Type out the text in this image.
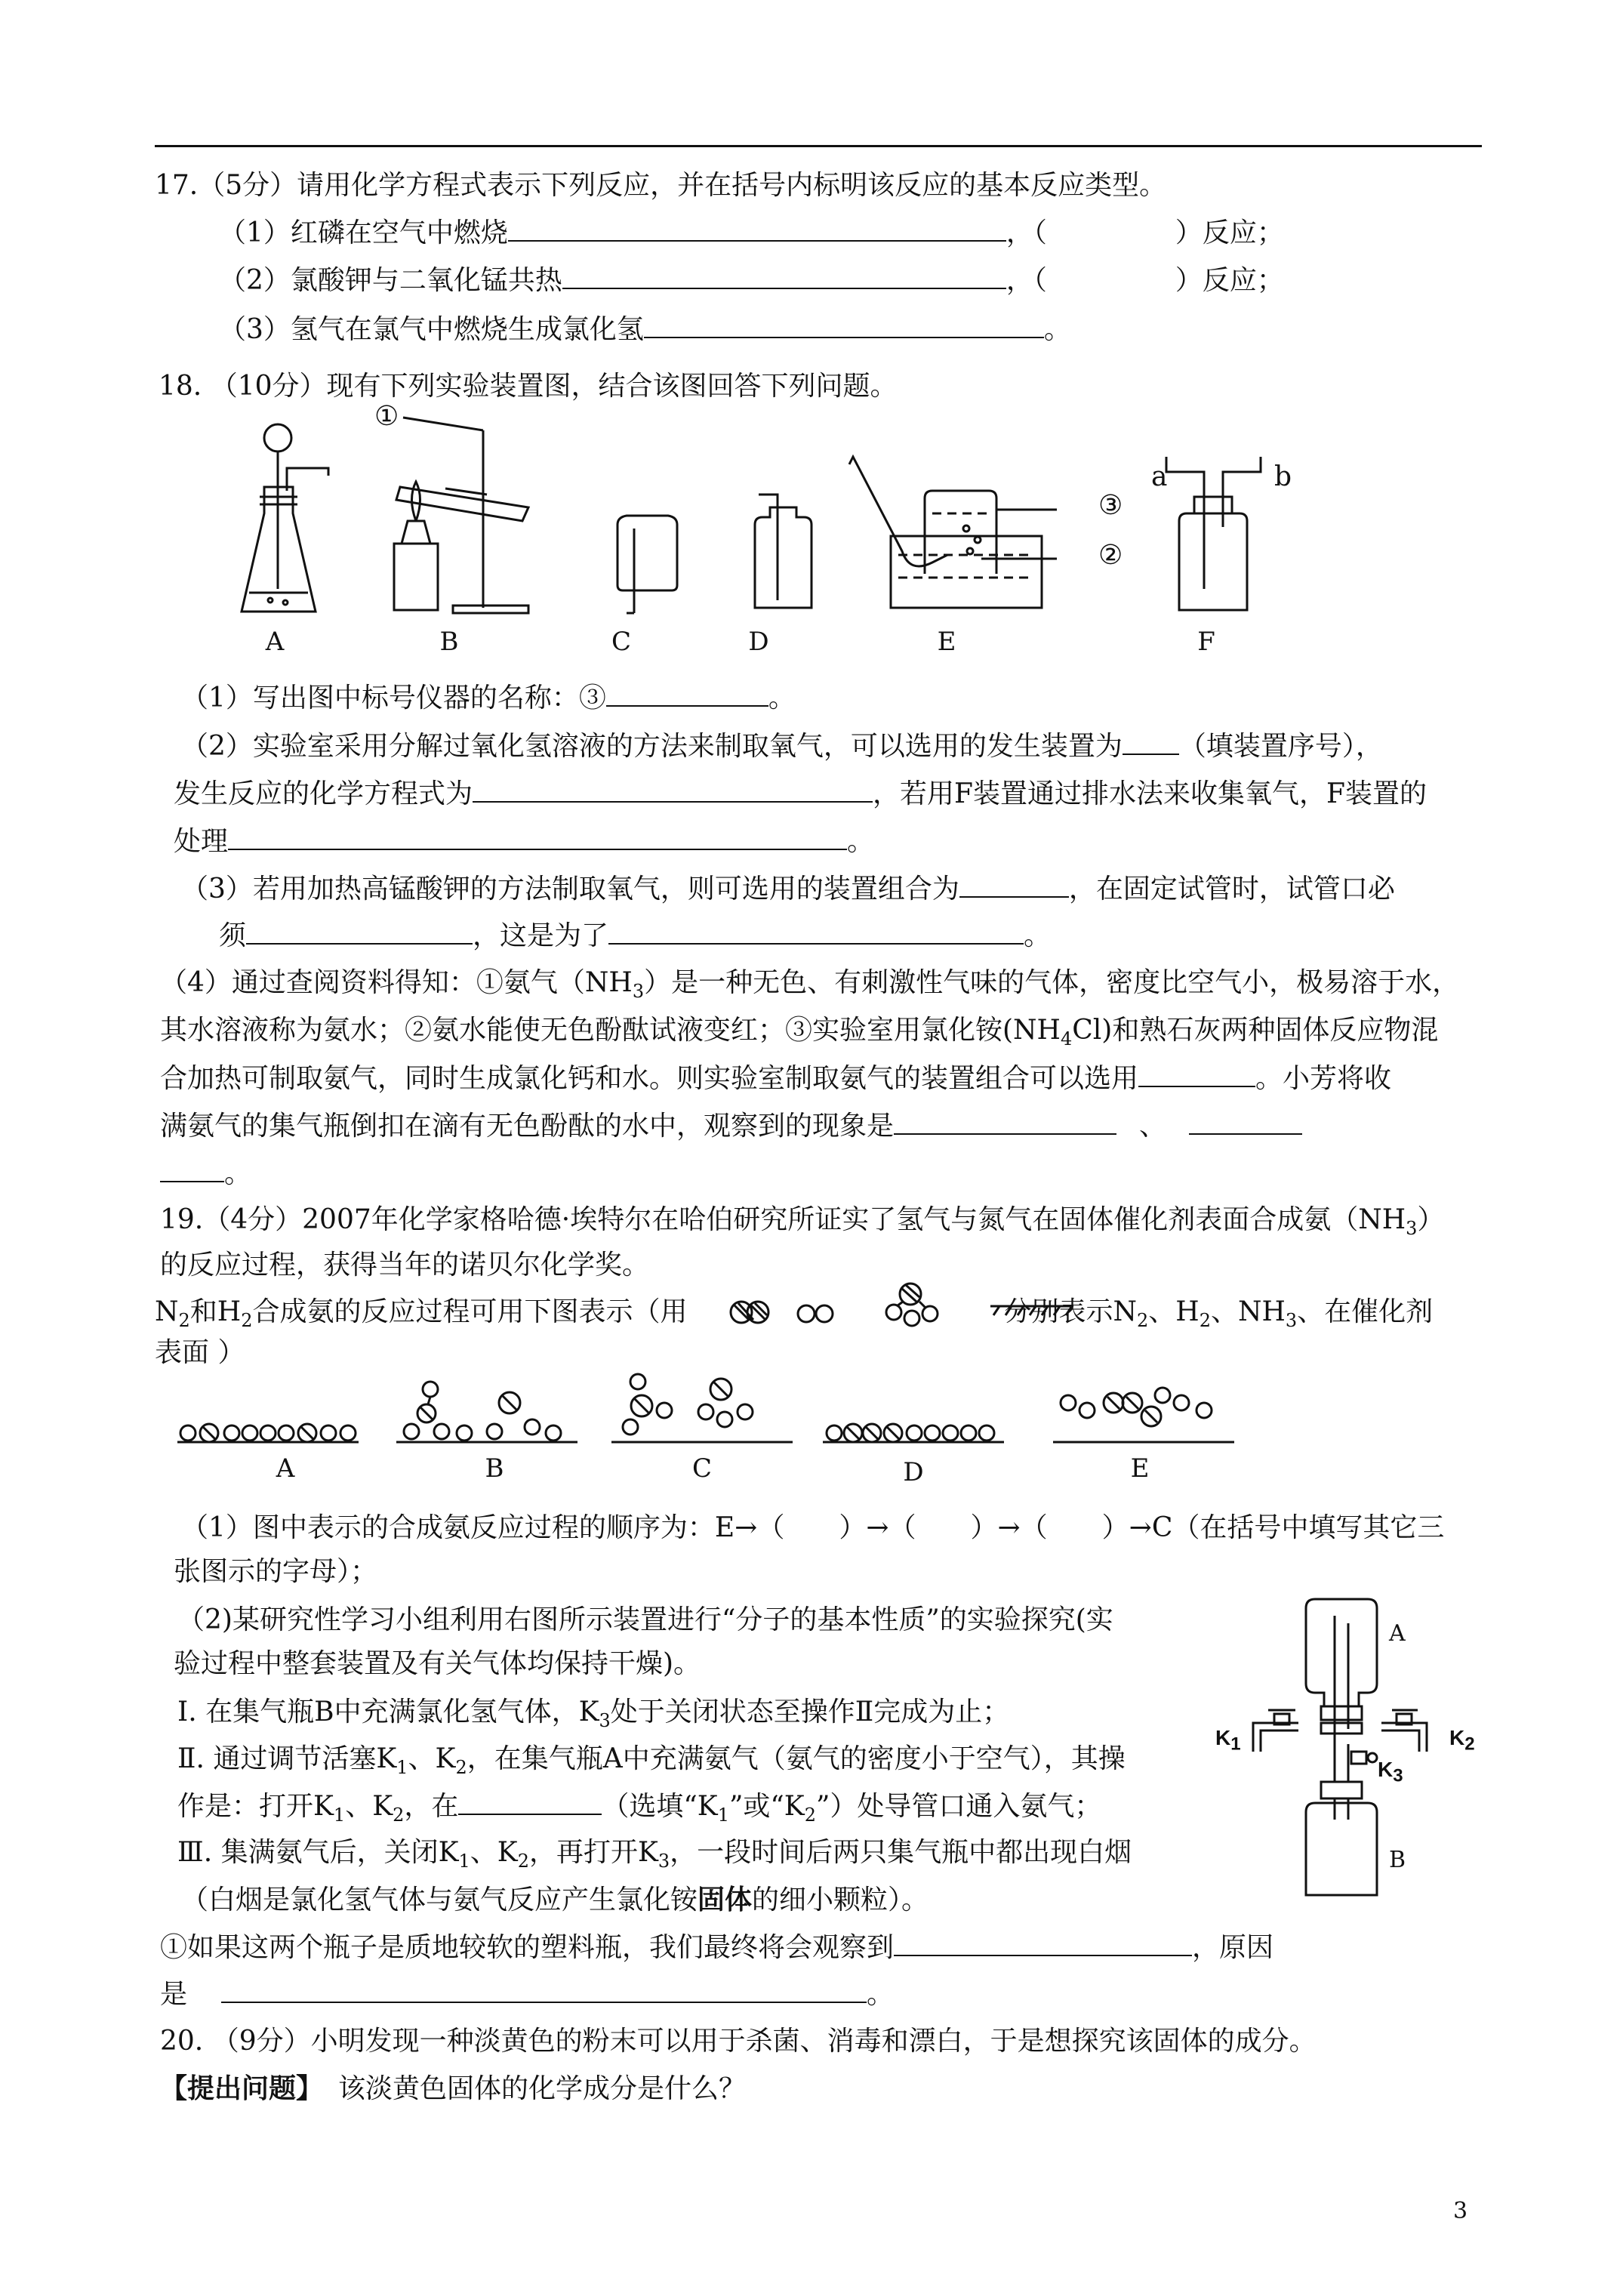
17.（5分）请用化学方程式表示下列反应，并在括号内标明该反应的基本反应类型。
（1）红磷在空气中燃烧	，（	）反应；
（2）氯酸钾与二氧化锰共热	，（	）反应；
（3）氢气在氯气中燃烧生成氯化氢	。
18. （10分）现有下列实验装置图，结合该图回答下列问题。
①
③
②
a	b
A	B	C	D	E	F
（1）写出图中标号仪器的名称：③	。
（2）实验室采用分解过氧化氢溶液的方法来制取氧气，可以选用的发生装置为 （填装置序号），
发生反应的化学方程式为	，若用F装置通过排水法来收集氧气，F装置的
处理	。
（3）若用加热高锰酸钾的方法制取氧气，则可选用的装置组合为	，在固定试管时，试管口必
须	，这是为了	。
（4）通过查阅资料得知：①氨气$(NH_3)$是一种无色、有刺激性气味的气体，密度比空气小，极易溶于水，
其水溶液称为氨水；②氨水能使无色酚酞试液变红；③实验室用氯化铵$(NH_4Cl)$和熟石灰两种固体反应物混
合加热可制取氨气，同时生成氯化钙和水。则实验室制取氨气的装置组合可以选用	。小芳将收
满氨气的集气瓶倒扣在滴有无色酚酞的水中，观察到的现象是	、
。
19.（4分）2007年化学家格哈德·埃特尔在哈伯研究所证实了氢气与氮气在固体催化剂表面合成氨$(NH_3)$
的反应过程，获得当年的诺贝尔化学奖。
$N_2$和$H_2$合成氨的反应过程可用下图表示（用	分别表示$N_2$、$H_2$、$NH_3$、在催化剂
表面 ）
A	B	C	D	E
（1）图中表示的合成氨反应过程的顺序为：E→（　　）→（　　）→（　　）→C（在括号中填写其它三
张图示的字母）；
（2)某研究性学习小组利用右图所示装置进行“分子的基本性质”的实验探究(实
验过程中整套装置及有关气体均保持干燥)。
Ⅰ. 在集气瓶B中充满氯化氢气体，$K_3$处于关闭状态至操作Ⅱ完成为止；
Ⅱ. 通过调节活塞$K_1$、$K_2$，在集气瓶A中充满氨气（氨气的密度小于空气），其操
作是：打开$K_1$、$K_2$，在	（选填“$K_1$”或“$K_2$”）处导管口通入氨气；
Ⅲ. 集满氨气后，关闭$K_1$、$K_2$，再打开$K_3$，一段时间后两只集气瓶中都出现白烟
（白烟是氯化氢气体与氨气反应产生氯化铵固体的细小颗粒）。
①如果这两个瓶子是质地较软的塑料瓶，我们最终将会观察到	，原因
是	。
A
B
$K_1$	$K_2$
$K_3$
20. （9分）小明发现一种淡黄色的粉末可以用于杀菌、消毒和漂白，于是想探究该固体的成分。
【提出问题】 该淡黄色固体的化学成分是什么？
3
